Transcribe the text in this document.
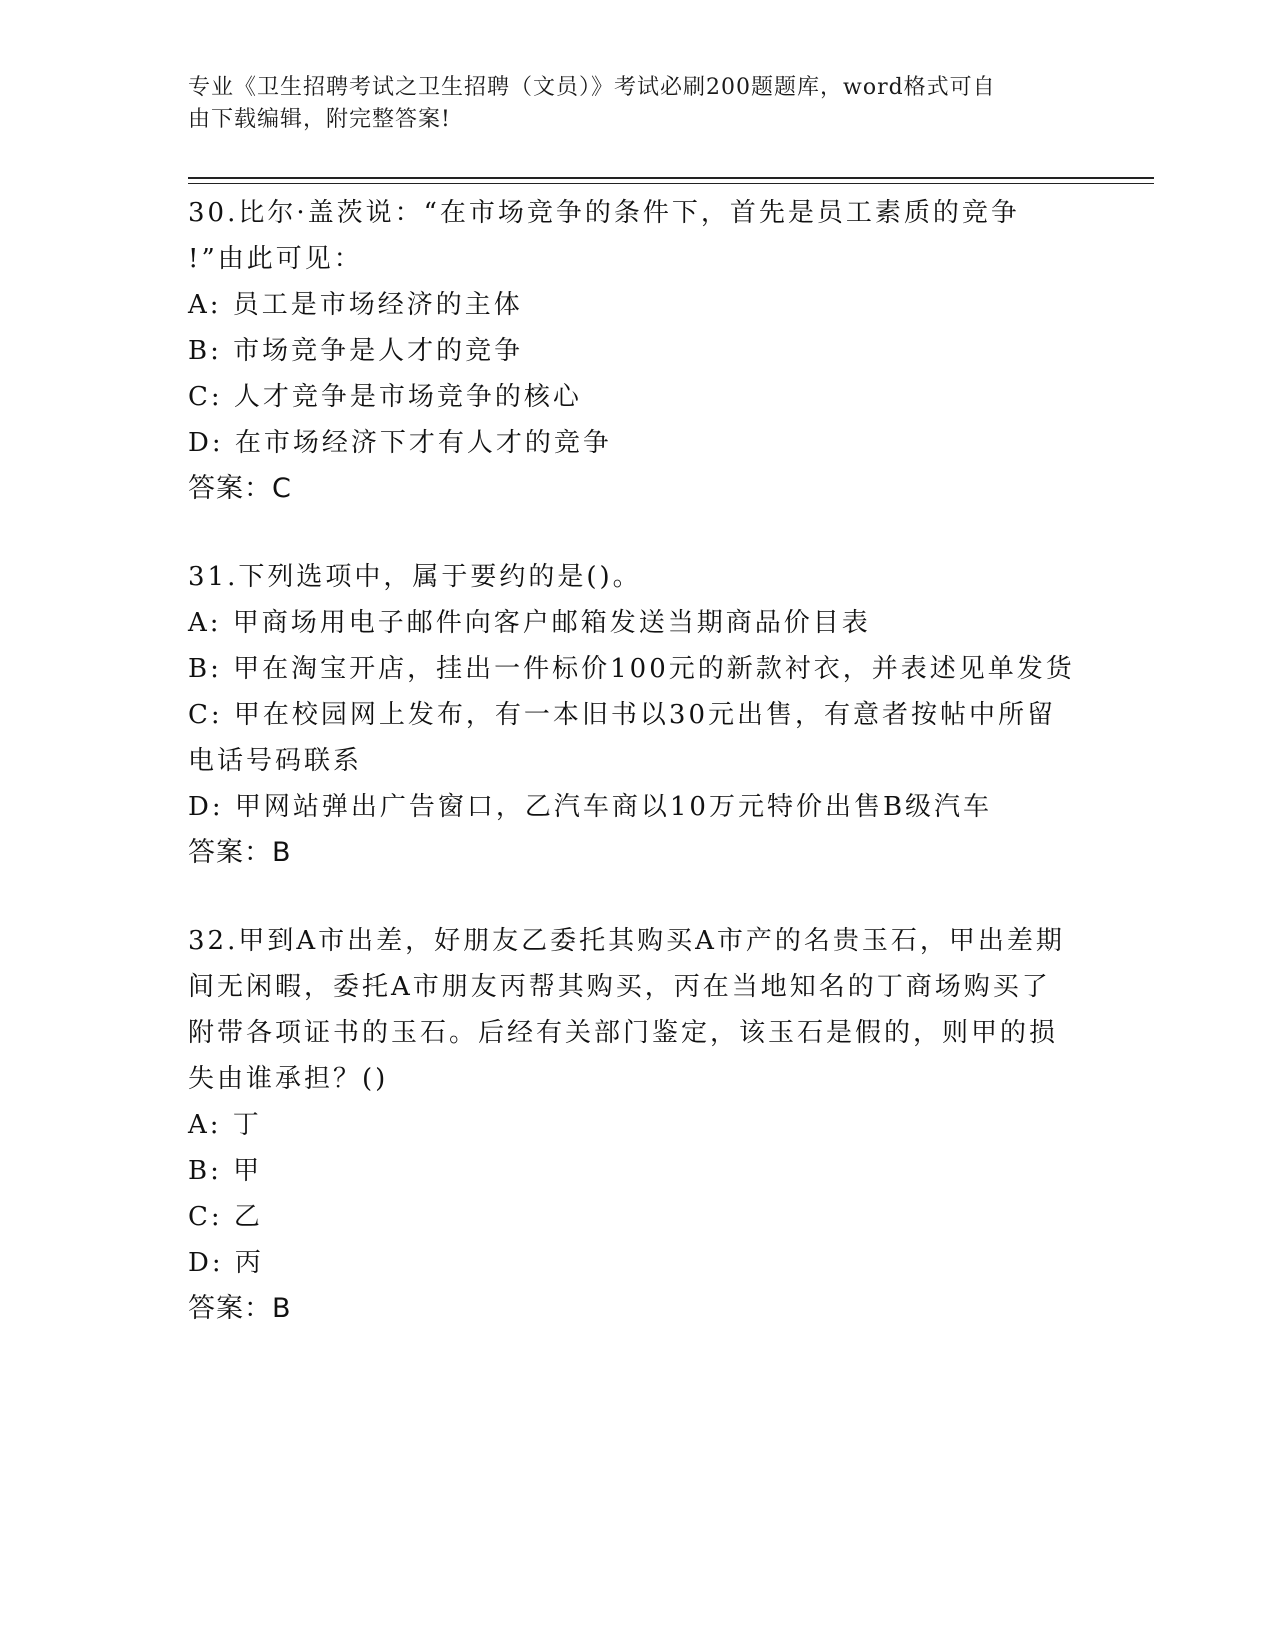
专业《卫生招聘考试之卫生招聘（文员）》考试必刷200题题库，word格式可自
由下载编辑，附完整答案!
30.比尔·盖茨说：“在市场竞争的条件下，首先是员工素质的竞争
!”由此可见：
A: 员工是市场经济的主体
B: 市场竞争是人才的竞争
C: 人才竞争是市场竞争的核心
D: 在市场经济下才有人才的竞争
答案：C
31.下列选项中，属于要约的是()。
A: 甲商场用电子邮件向客户邮箱发送当期商品价目表
B: 甲在淘宝开店，挂出一件标价100元的新款衬衣，并表述见单发货
C: 甲在校园网上发布，有一本旧书以30元出售，有意者按帖中所留
电话号码联系
D: 甲网站弹出广告窗口，乙汽车商以10万元特价出售B级汽车
答案：B
32.甲到A市出差，好朋友乙委托其购买A市产的名贵玉石，甲出差期
间无闲暇，委托A市朋友丙帮其购买，丙在当地知名的丁商场购买了
附带各项证书的玉石。后经有关部门鉴定，该玉石是假的，则甲的损
失由谁承担？()
A: 丁
B: 甲
C: 乙
D: 丙
答案：B
